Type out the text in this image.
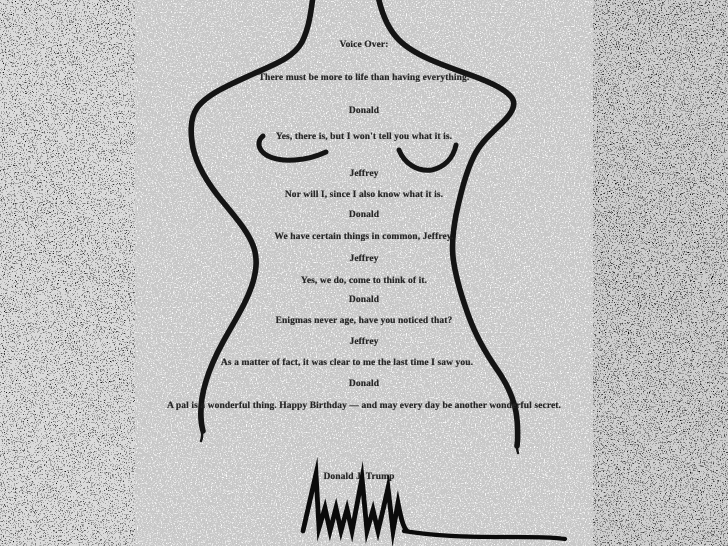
Voice Over:
There must be more to life than having everything.
Donald
Yes, there is, but I won't tell you what it is.
Jeffrey
Nor will I, since I also know what it is.
Donald
We have certain things in common, Jeffrey.
Jeffrey
Yes, we do, come to think of it.
Donald
Enigmas never age, have you noticed that?
Jeffrey
As a matter of fact, it was clear to me the last time I saw you.
Donald
A pal is a wonderful thing. Happy Birthday — and may every day be another wonderful secret.
Donald J. Trump
